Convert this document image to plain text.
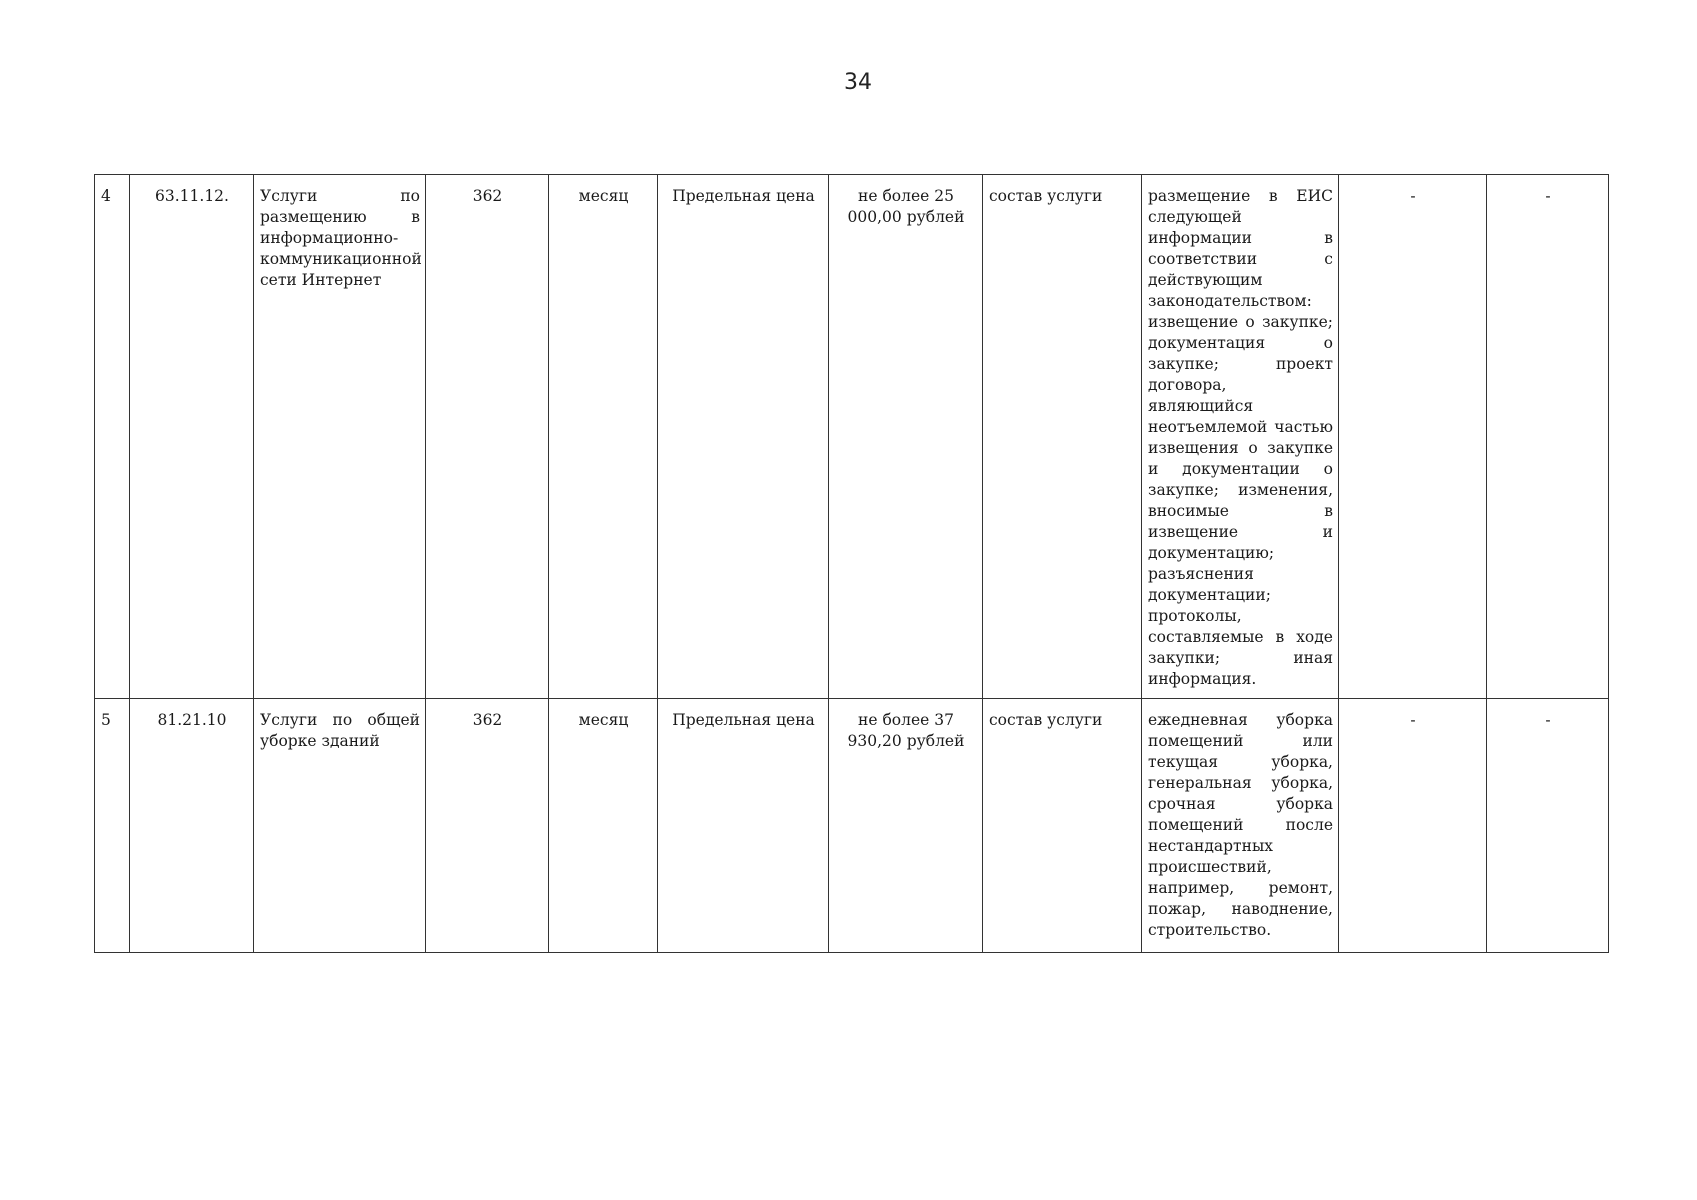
34
4	63.11.12.	Услуги по размещению в информационно-коммуникационной сети Интернет	362	месяц	Предельная цена	не более 25 000,00 рублей	состав услуги	размещение в ЕИС следующей информации в соответствии с действующим законодательством: извещение о закупке; документация о закупке; проект договора, являющийся неотъемлемой частью извещения о закупке и документации о закупке; изменения, вносимые в извещение и документацию; разъяснения документации; протоколы, составляемые в ходе закупки; иная информация.	-	-
5	81.21.10	Услуги по общей уборке зданий	362	месяц	Предельная цена	не более 37 930,20 рублей	состав услуги	ежедневная уборка помещений или текущая уборка, генеральная уборка, срочная уборка помещений после нестандартных происшествий, например, ремонт, пожар, наводнение, строительство.	-	-
